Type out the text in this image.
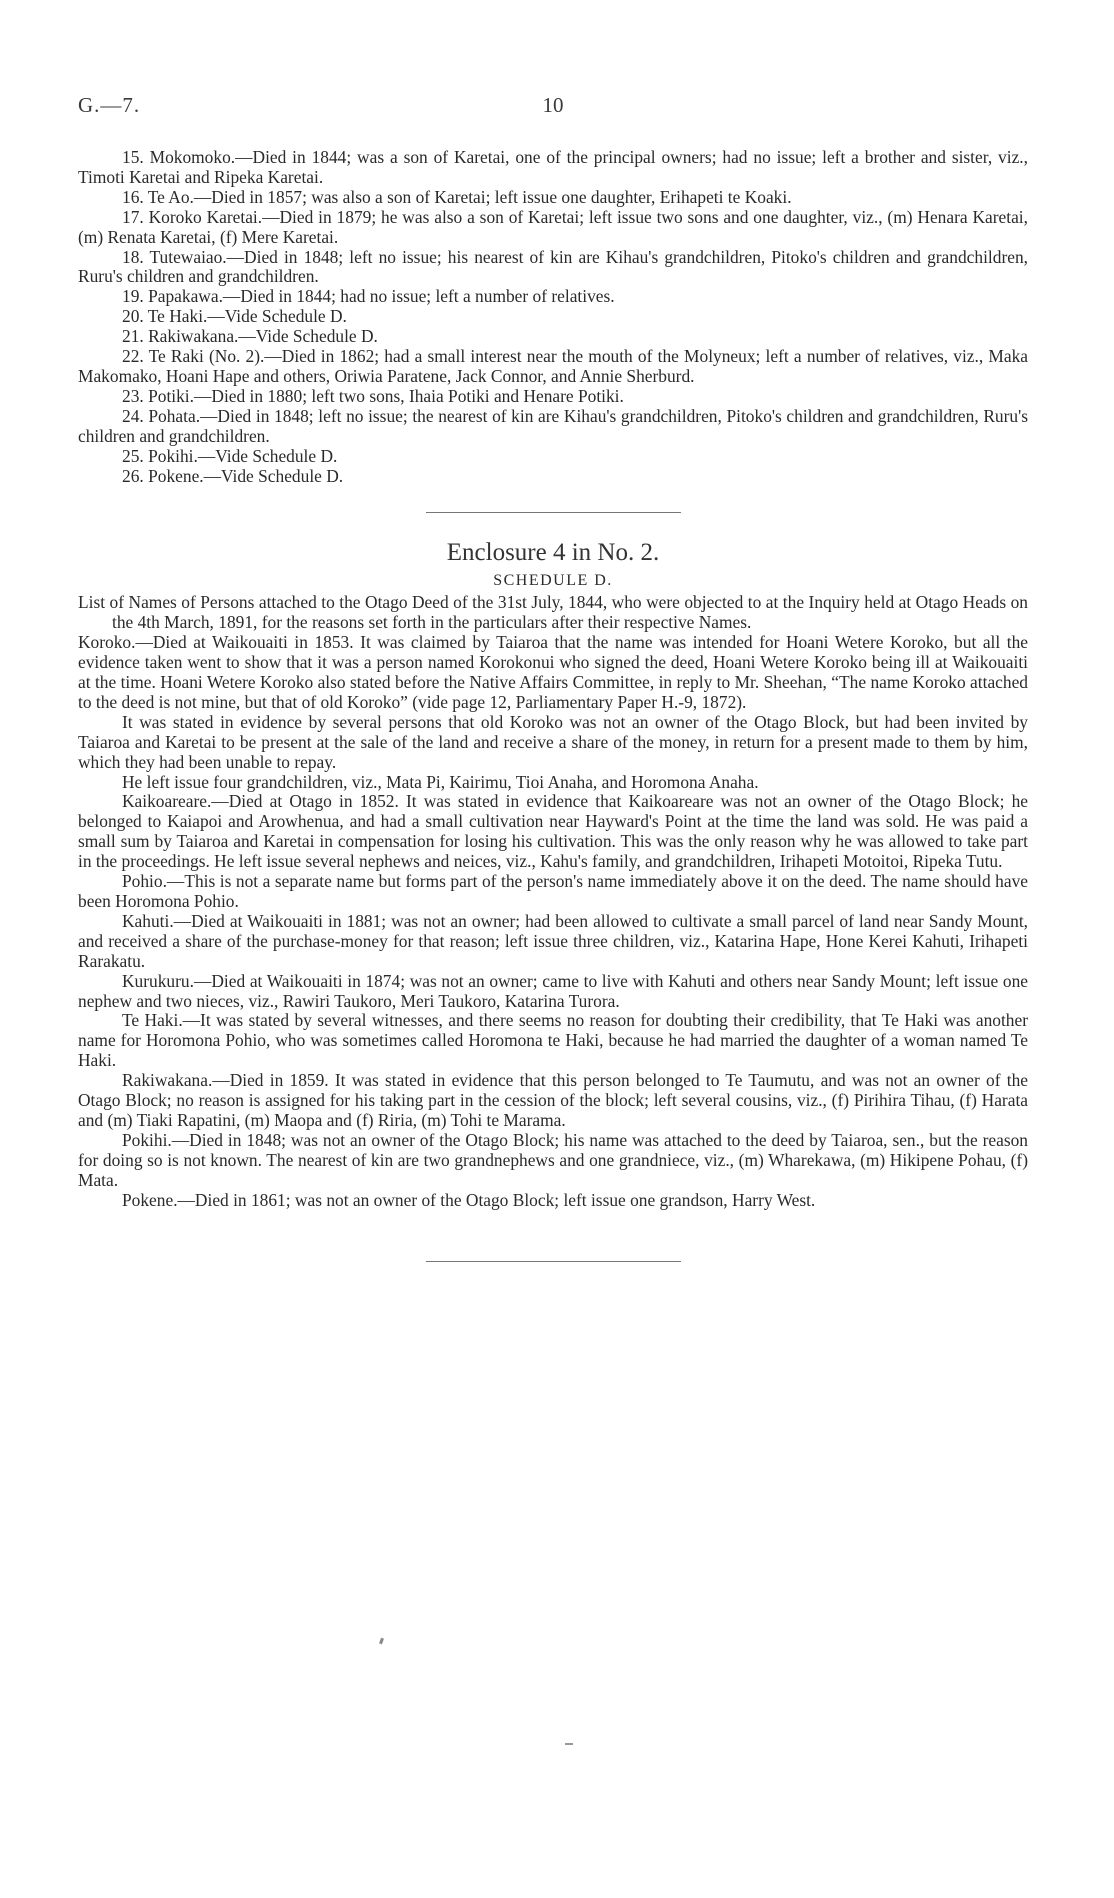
G.—7.	10

15. Mokomoko.—Died in 1844; was a son of Karetai, one of the principal owners; had no issue; left a brother and sister, viz., Timoti Karetai and Ripeka Karetai.

16. Te Ao.—Died in 1857; was also a son of Karetai; left issue one daughter, Erihapeti te Koaki.

17. Koroko Karetai.—Died in 1879; he was also a son of Karetai; left issue two sons and one daughter, viz., (m) Henara Karetai, (m) Renata Karetai, (f) Mere Karetai.

18. Tutewaiao.—Died in 1848; left no issue; his nearest of kin are Kihau's grandchildren, Pitoko's children and grandchildren, Ruru's children and grandchildren.

19. Papakawa.—Died in 1844; had no issue; left a number of relatives.

20. Te Haki.—Vide Schedule D.

21. Rakiwakana.—Vide Schedule D.

22. Te Raki (No. 2).—Died in 1862; had a small interest near the mouth of the Molyneux; left a number of relatives, viz., Maka Makomako, Hoani Hape and others, Oriwia Paratene, Jack Connor, and Annie Sherburd.

23. Potiki.—Died in 1880; left two sons, Ihaia Potiki and Henare Potiki.

24. Pohata.—Died in 1848; left no issue; the nearest of kin are Kihau's grandchildren, Pitoko's children and grandchildren, Ruru's children and grandchildren.

25. Pokihi.—Vide Schedule D.

26. Pokene.—Vide Schedule D.

Enclosure 4 in No. 2.
SCHEDULE D.

List of Names of Persons attached to the Otago Deed of the 31st July, 1844, who were objected to at the Inquiry held at Otago Heads on the 4th March, 1891, for the reasons set forth in the particulars after their respective Names.

Koroko.—Died at Waikouaiti in 1853. It was claimed by Taiaroa that the name was intended for Hoani Wetere Koroko, but all the evidence taken went to show that it was a person named Korokonui who signed the deed, Hoani Wetere Koroko being ill at Waikouaiti at the time. Hoani Wetere Koroko also stated before the Native Affairs Committee, in reply to Mr. Sheehan, “The name Koroko attached to the deed is not mine, but that of old Koroko” (vide page 12, Parliamentary Paper H.-9, 1872).

It was stated in evidence by several persons that old Koroko was not an owner of the Otago Block, but had been invited by Taiaroa and Karetai to be present at the sale of the land and receive a share of the money, in return for a present made to them by him, which they had been unable to repay.

He left issue four grandchildren, viz., Mata Pi, Kairimu, Tioi Anaha, and Horomona Anaha.

Kaikoareare.—Died at Otago in 1852. It was stated in evidence that Kaikoareare was not an owner of the Otago Block; he belonged to Kaiapoi and Arowhenua, and had a small cultivation near Hayward's Point at the time the land was sold. He was paid a small sum by Taiaroa and Karetai in compensation for losing his cultivation. This was the only reason why he was allowed to take part in the proceedings. He left issue several nephews and neices, viz., Kahu's family, and grandchildren, Irihapeti Motoitoi, Ripeka Tutu.

Pohio.—This is not a separate name but forms part of the person's name immediately above it on the deed. The name should have been Horomona Pohio.

Kahuti.—Died at Waikouaiti in 1881; was not an owner; had been allowed to cultivate a small parcel of land near Sandy Mount, and received a share of the purchase-money for that reason; left issue three children, viz., Katarina Hape, Hone Kerei Kahuti, Irihapeti Rarakatu.

Kurukuru.—Died at Waikouaiti in 1874; was not an owner; came to live with Kahuti and others near Sandy Mount; left issue one nephew and two nieces, viz., Rawiri Taukoro, Meri Taukoro, Katarina Turora.

Te Haki.—It was stated by several witnesses, and there seems no reason for doubting their credibility, that Te Haki was another name for Horomona Pohio, who was sometimes called Horomona te Haki, because he had married the daughter of a woman named Te Haki.

Rakiwakana.—Died in 1859. It was stated in evidence that this person belonged to Te Taumutu, and was not an owner of the Otago Block; no reason is assigned for his taking part in the cession of the block; left several cousins, viz., (f) Pirihira Tihau, (f) Harata and (m) Tiaki Rapatini, (m) Maopa and (f) Riria, (m) Tohi te Marama.

Pokihi.—Died in 1848; was not an owner of the Otago Block; his name was attached to the deed by Taiaroa, sen., but the reason for doing so is not known. The nearest of kin are two grandnephews and one grandniece, viz., (m) Wharekawa, (m) Hikipene Pohau, (f) Mata.

Pokene.—Died in 1861; was not an owner of the Otago Block; left issue one grandson, Harry West.
